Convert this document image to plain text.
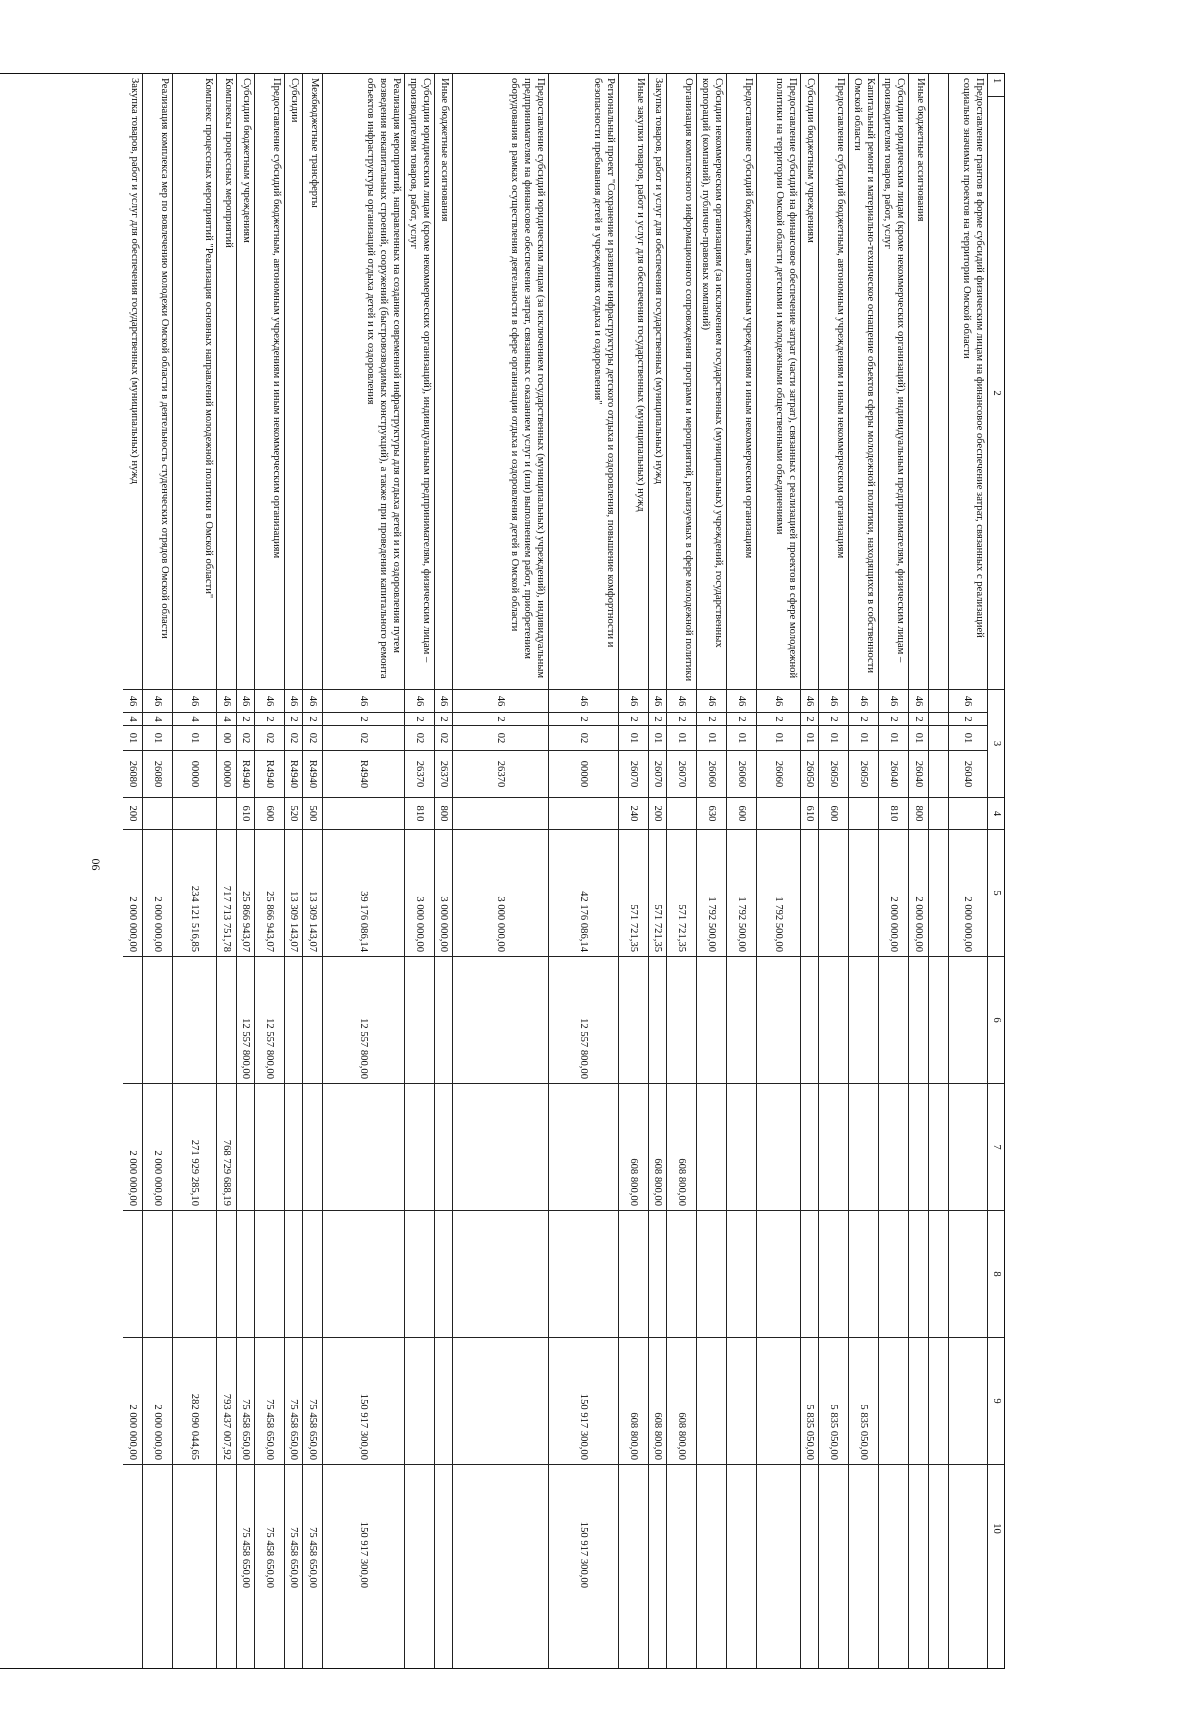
90
1
2
3
4
5
6
7
8
9
10
Предоставление грантов в форме субсидий физическим лицам на финансовое обеспечение затрат, связанных с реализацией социально значимых проектов на территории Омской области
46
2
01
26040
2 000 000,00
Иные бюджетные ассигнования
46
2
01
26040
800
2 000 000,00
Субсидии юридическим лицам (кроме некоммерческих организаций), индивидуальным предпринимателям, физическим лицам – производителям товаров, работ, услуг
46
2
01
26040
810
2 000 000,00
Капитальный ремонт и материально-техническое оснащение объектов сферы молодежной политики, находящихся в собственности Омской области
46
2
01
26050
5 835 050,00
Предоставление субсидий бюджетным, автономным учреждениям и иным некоммерческим организациям
46
2
01
26050
600
5 835 050,00
Субсидии бюджетным учреждениям
46
2
01
26050
610
5 835 050,00
Предоставление субсидий на финансовое обеспечение затрат (части затрат), связанных с реализацией проектов в сфере молодежной политики на территории Омской области детскими и молодежными общественными объединениями
46
2
01
26060
1 792 500,00
Предоставление субсидий бюджетным, автономным учреждениям и иным некоммерческим организациям
46
2
01
26060
600
1 792 500,00
Субсидии некоммерческим организациям (за исключением государственных (муниципальных) учреждений, государственных корпораций (компаний), публично-правовых компаний)
46
2
01
26060
630
1 792 500,00
Организация комплексного информационного сопровождения программ и мероприятий, реализуемых в сфере молодежной политики
46
2
01
26070
571 721,35
608 800,00
608 800,00
Закупка товаров, работ и услуг для обеспечения государственных (муниципальных) нужд
46
2
01
26070
200
571 721,35
608 800,00
608 800,00
Иные закупки товаров, работ и услуг для обеспечения государственных (муниципальных) нужд
46
2
01
26070
240
571 721,35
608 800,00
608 800,00
Региональный проект "Сохранение и развитие инфраструктуры детского отдыха и оздоровления, повышение комфортности и безопасности пребывания детей в учреждениях отдыха и оздоровления"
46
2
02
00000
42 176 086,14
12 557 800,00
150 917 300,00
150 917 300,00
Предоставление субсидий юридическим лицам (за исключением государственных (муниципальных) учреждений), индивидуальным предпринимателям на финансовое обеспечение затрат, связанных с оказанием услуг и (или) выполнением работ, приобретением оборудования в рамках осуществления деятельности в сфере организации отдыха и оздоровления детей в Омской области
46
2
02
26370
3 000 000,00
Иные бюджетные ассигнования
46
2
02
26370
800
3 000 000,00
Субсидии юридическим лицам (кроме некоммерческих организаций), индивидуальным предпринимателям, физическим лицам – производителям товаров, работ, услуг
46
2
02
26370
810
3 000 000,00
Реализация мероприятий, направленных на создание современной инфраструктуры для отдыха детей и их оздоровления путем возведения некапитальных строений, сооружений (быстровозводимых конструкций), а также при проведении капитального ремонта объектов инфраструктуры организаций отдыха детей и их оздоровления
46
2
02
R4940
39 176 086,14
12 557 800,00
150 917 300,00
150 917 300,00
Межбюджетные трансферты
46
2
02
R4940
500
13 309 143,07
75 458 650,00
75 458 650,00
Субсидии
46
2
02
R4940
520
13 309 143,07
75 458 650,00
75 458 650,00
Предоставление субсидий бюджетным, автономным учреждениям и иным некоммерческим организациям
46
2
02
R4940
600
25 866 943,07
12 557 800,00
75 458 650,00
75 458 650,00
Субсидии бюджетным учреждениям
46
2
02
R4940
610
25 866 943,07
12 557 800,00
75 458 650,00
75 458 650,00
Комплексы процессных мероприятий
46
4
00
00000
717 713 751,78
768 729 688,19
793 437 007,92
Комплекс процессных мероприятий "Реализация основных направлений молодежной политики в Омской области"
46
4
01
00000
234 121 516,85
271 929 285,10
282 090 044,65
Реализация комплекса мер по вовлечению молодежи Омской области в деятельность студенческих отрядов Омской области
46
4
01
26080
2 000 000,00
2 000 000,00
2 000 000,00
Закупка товаров, работ и услуг для обеспечения государственных (муниципальных) нужд
46
4
01
26080
200
2 000 000,00
2 000 000,00
2 000 000,00
